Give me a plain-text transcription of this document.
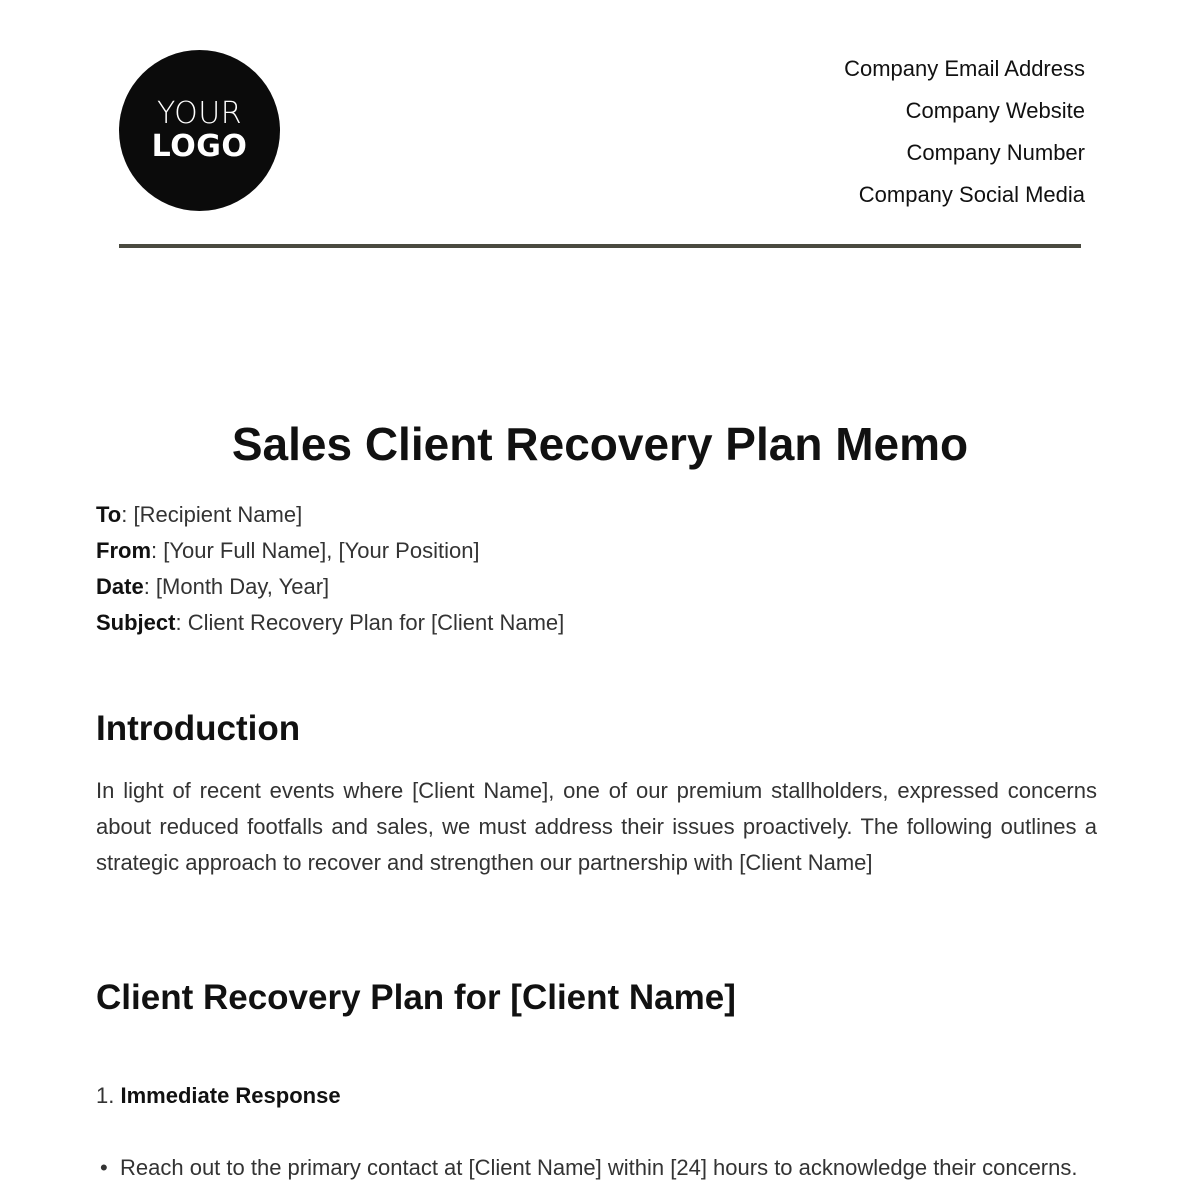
YOUR
LOGO
Company Email Address
Company Website
Company Number
Company Social Media
Sales Client Recovery Plan Memo
To: [Recipient Name]
From: [Your Full Name], [Your Position]
Date: [Month Day, Year]
Subject: Client Recovery Plan for [Client Name]
Introduction

In light of recent events where [Client Name], one of our premium stallholders, expressed concerns about reduced footfalls and sales, we must address their issues proactively. The following outlines a strategic approach to recover and strengthen our partnership with [Client Name]

Client Recovery Plan for [Client Name]
1. Immediate Response
• Reach out to the primary contact at [Client Name] within [24] hours to acknowledge their concerns.
